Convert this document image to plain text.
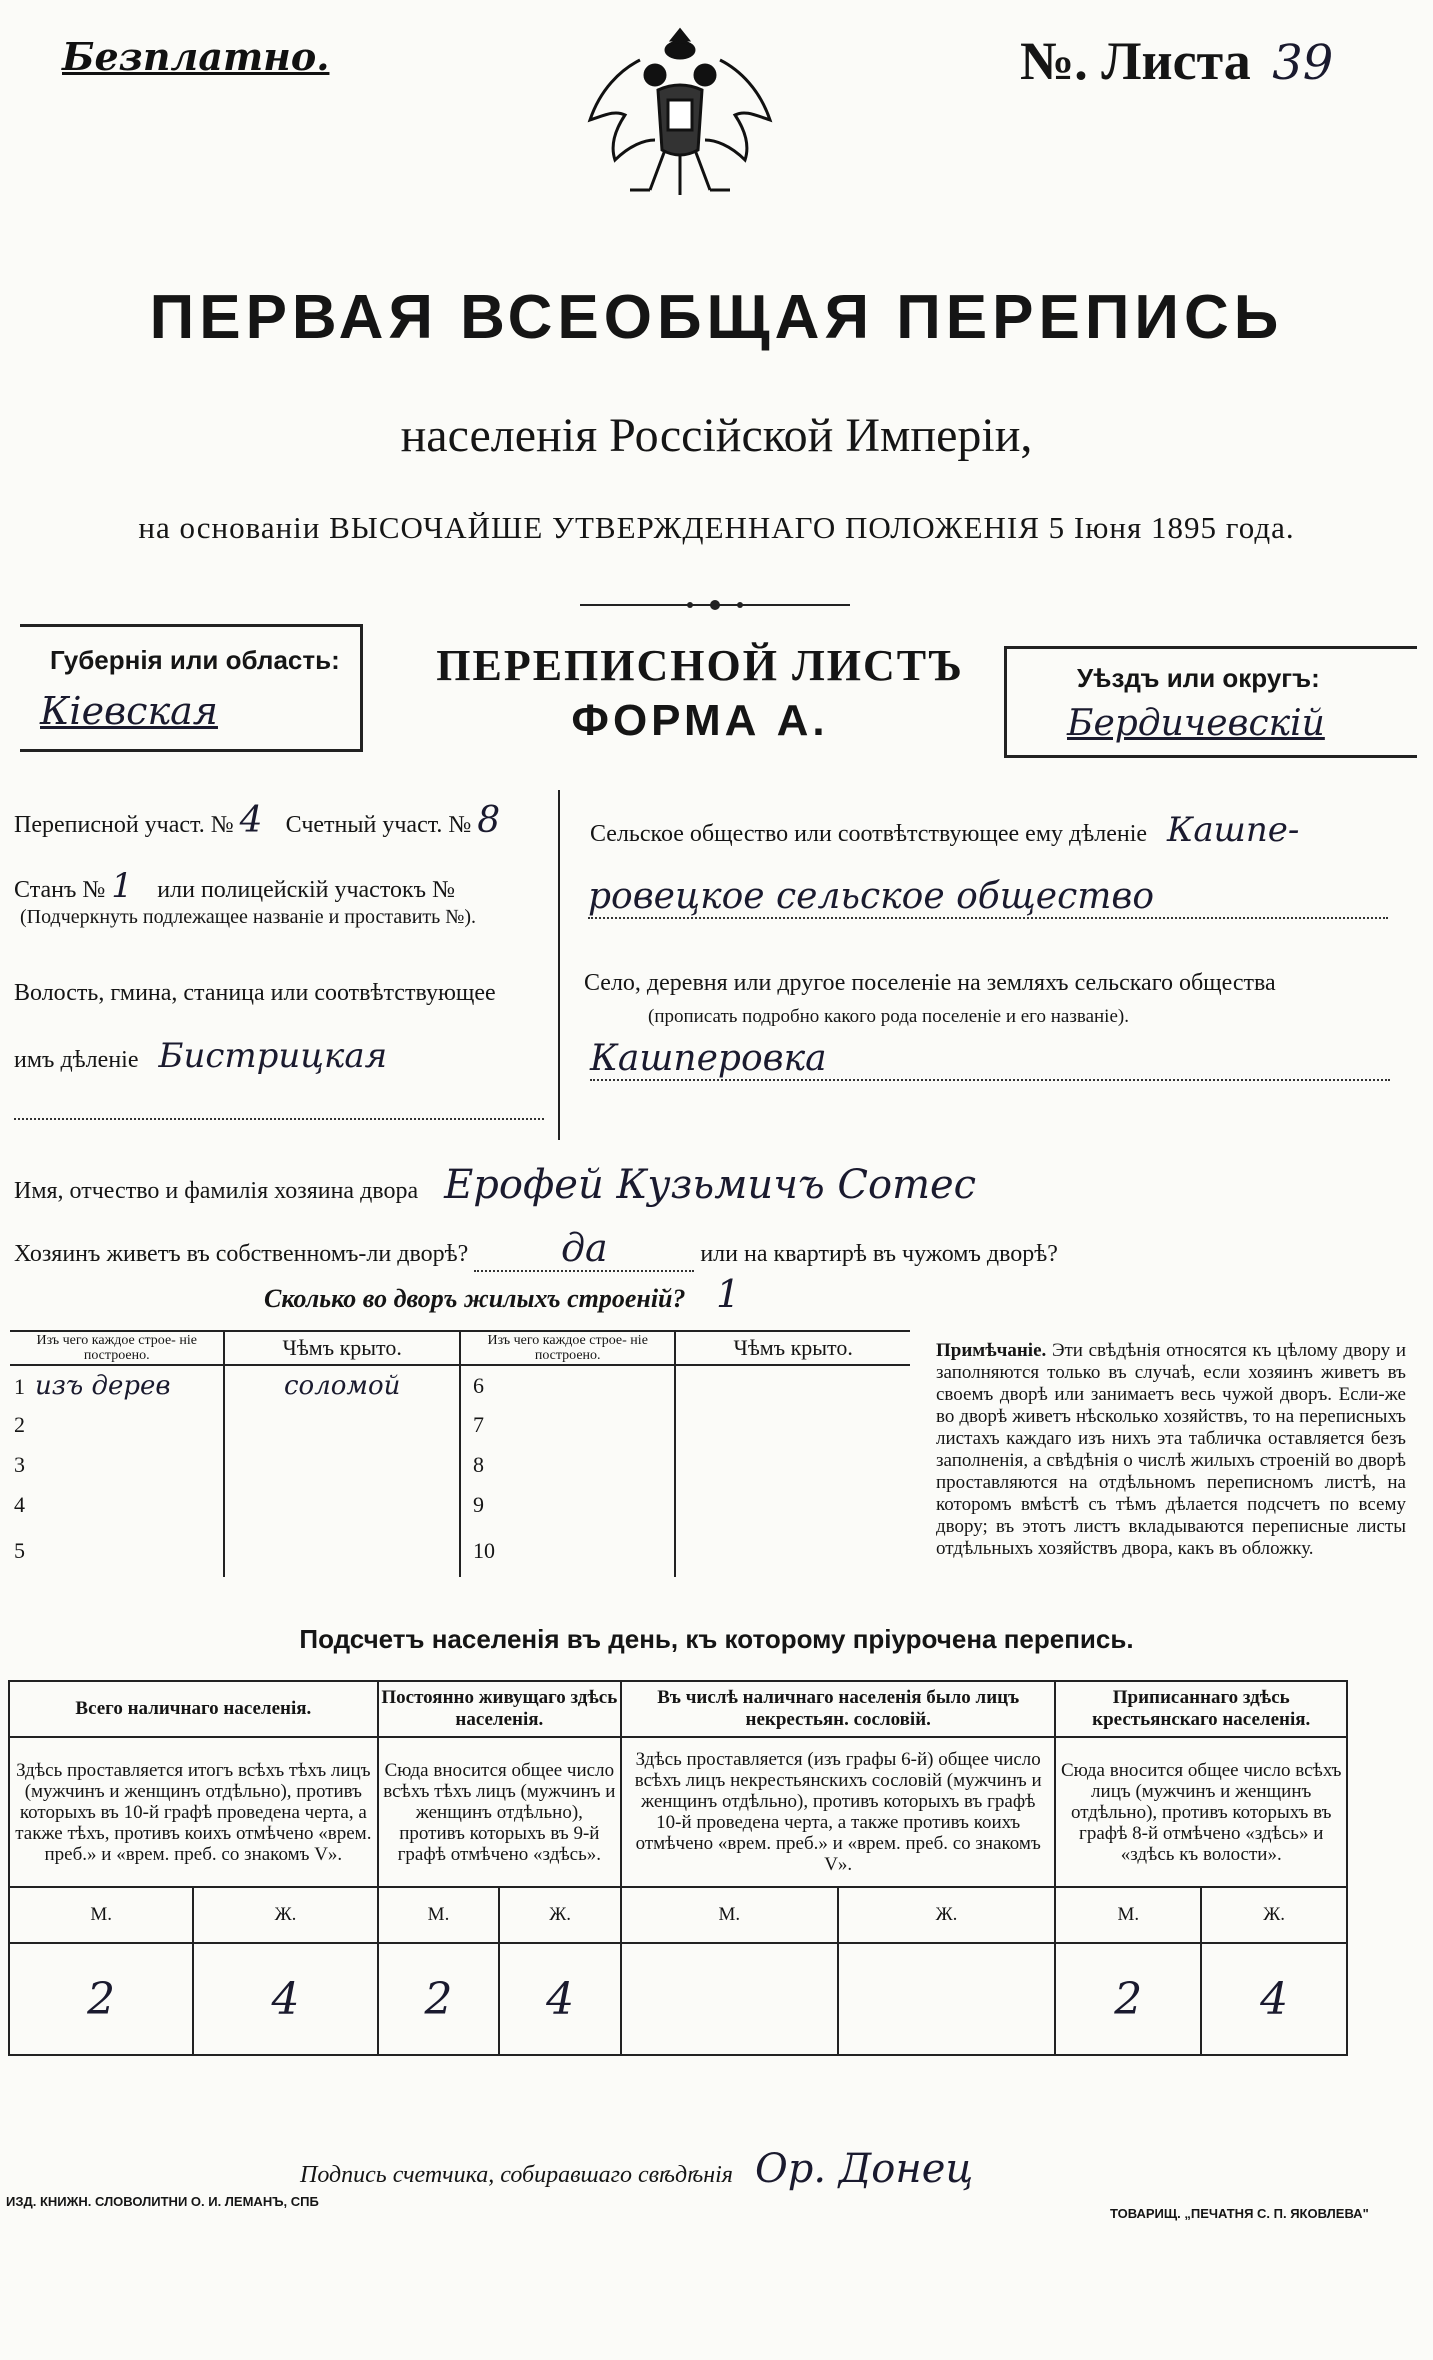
Безплатно.	№. Листа 39
ПЕРВАЯ ВСЕОБЩАЯ ПЕРЕПИСЬ
населенія Россійской Имперіи,
на основаніи ВЫСОЧАЙШЕ УТВЕРЖДЕННАГО ПОЛОЖЕНІЯ 5 Іюня 1895 года.
Губернія или область:
Кіевская
ПЕРЕПИСНОЙ ЛИСТЪ
ФОРМА А.
Уѣздъ или округъ:
Бердичевскій
Переписной участ. № 4 Счетный участ. № 8
Станъ № 1 или полицейскій участокъ №
(Подчеркнуть подлежащее названіе и проставить №).
Волость, гмина, станица или соотвѣтствующее
имъ дѣленіе Бистрицкая
Сельское общество или соотвѣтствующее ему дѣленіе Кашпе-
ровецкое сельское общество
Село, деревня или другое поселеніе на земляхъ сельскаго общества
(прописать подробно какого рода поселеніе и его названіе).
Кашперовка
Имя, отчество и фамилія хозяина двора Ерофей Кузьмичъ Сотес
Хозяинъ живетъ въ собственномъ-ли дворѣ? да	или на квартирѣ въ чужомъ дворѣ?
Сколько во дворъ жилыхъ строеній? 1
Изъ чего каждое строе- ніе построено.	Чѣмъ крыто.	Изъ чего каждое строе- ніе построено.	Чѣмъ крыто.
1 изъ дерев	соломой	6	
2		7	
3		8	
4		9	
5		10	
Примѣчаніе. Эти свѣдѣнія относятся къ цѣлому двору и заполняются только въ случаѣ, если хозяинъ живетъ въ своемъ дворѣ или занимаетъ весь чужой дворъ. Если-же во дворѣ живетъ нѣсколько хозяйствъ, то на переписныхъ листахъ каждаго изъ нихъ эта табличка оставляется безъ заполненія, а свѣдѣнія о числѣ жилыхъ строеній во дворѣ проставляются на отдѣльномъ переписномъ листѣ, на которомъ вмѣстѣ съ тѣмъ дѣлается подсчетъ по всему двору; въ этотъ листъ вкладываются переписные листы отдѣльныхъ хозяйствъ двора, какъ въ обложку.
Подсчетъ населенія въ день, къ которому пріурочена перепись.
Всего наличнаго населенія.		Постоянно живущаго здѣсь населенія.		Въ числѣ наличнаго населенія было лицъ некрестьян. сословій.		Приписаннаго здѣсь крестьянскаго населенія.	
Здѣсь проставляется итогъ всѣхъ тѣхъ лицъ (мужчинъ и женщинъ отдѣльно), противъ которыхъ въ 10-й графѣ проведена черта, а также тѣхъ, противъ коихъ отмѣчено «врем. преб.» и «врем. преб. со знакомъ V».		Сюда вносится общее число всѣхъ тѣхъ лицъ (мужчинъ и женщинъ отдѣльно), противъ которыхъ въ 9-й графѣ отмѣчено «здѣсь».		Здѣсь проставляется (изъ графы 6-й) общее число всѣхъ лицъ некрестьянскихъ сословій (мужчинъ и женщинъ отдѣльно), противъ которыхъ въ графѣ 10-й проведена черта, а также противъ коихъ отмѣчено «врем. преб.» и «врем. преб. со знакомъ V».		Сюда вносится общее число всѣхъ лицъ (мужчинъ и женщинъ отдѣльно), противъ которыхъ въ графѣ 8-й отмѣчено «здѣсь» и «здѣсь къ волости».	
М.	Ж.	М.	Ж.	М.	Ж.	М.	Ж.
2	4	2	4			2	4
Подпись счетчика, собиравшаго свѣдѣнія Ор. Донец
ИЗД. КНИЖН. СЛОВОЛИТНИ О. И. ЛЕМАНЪ, СПБ
ТОВАРИЩ. „ПЕЧАТНЯ С. П. ЯКОВЛЕВА"
